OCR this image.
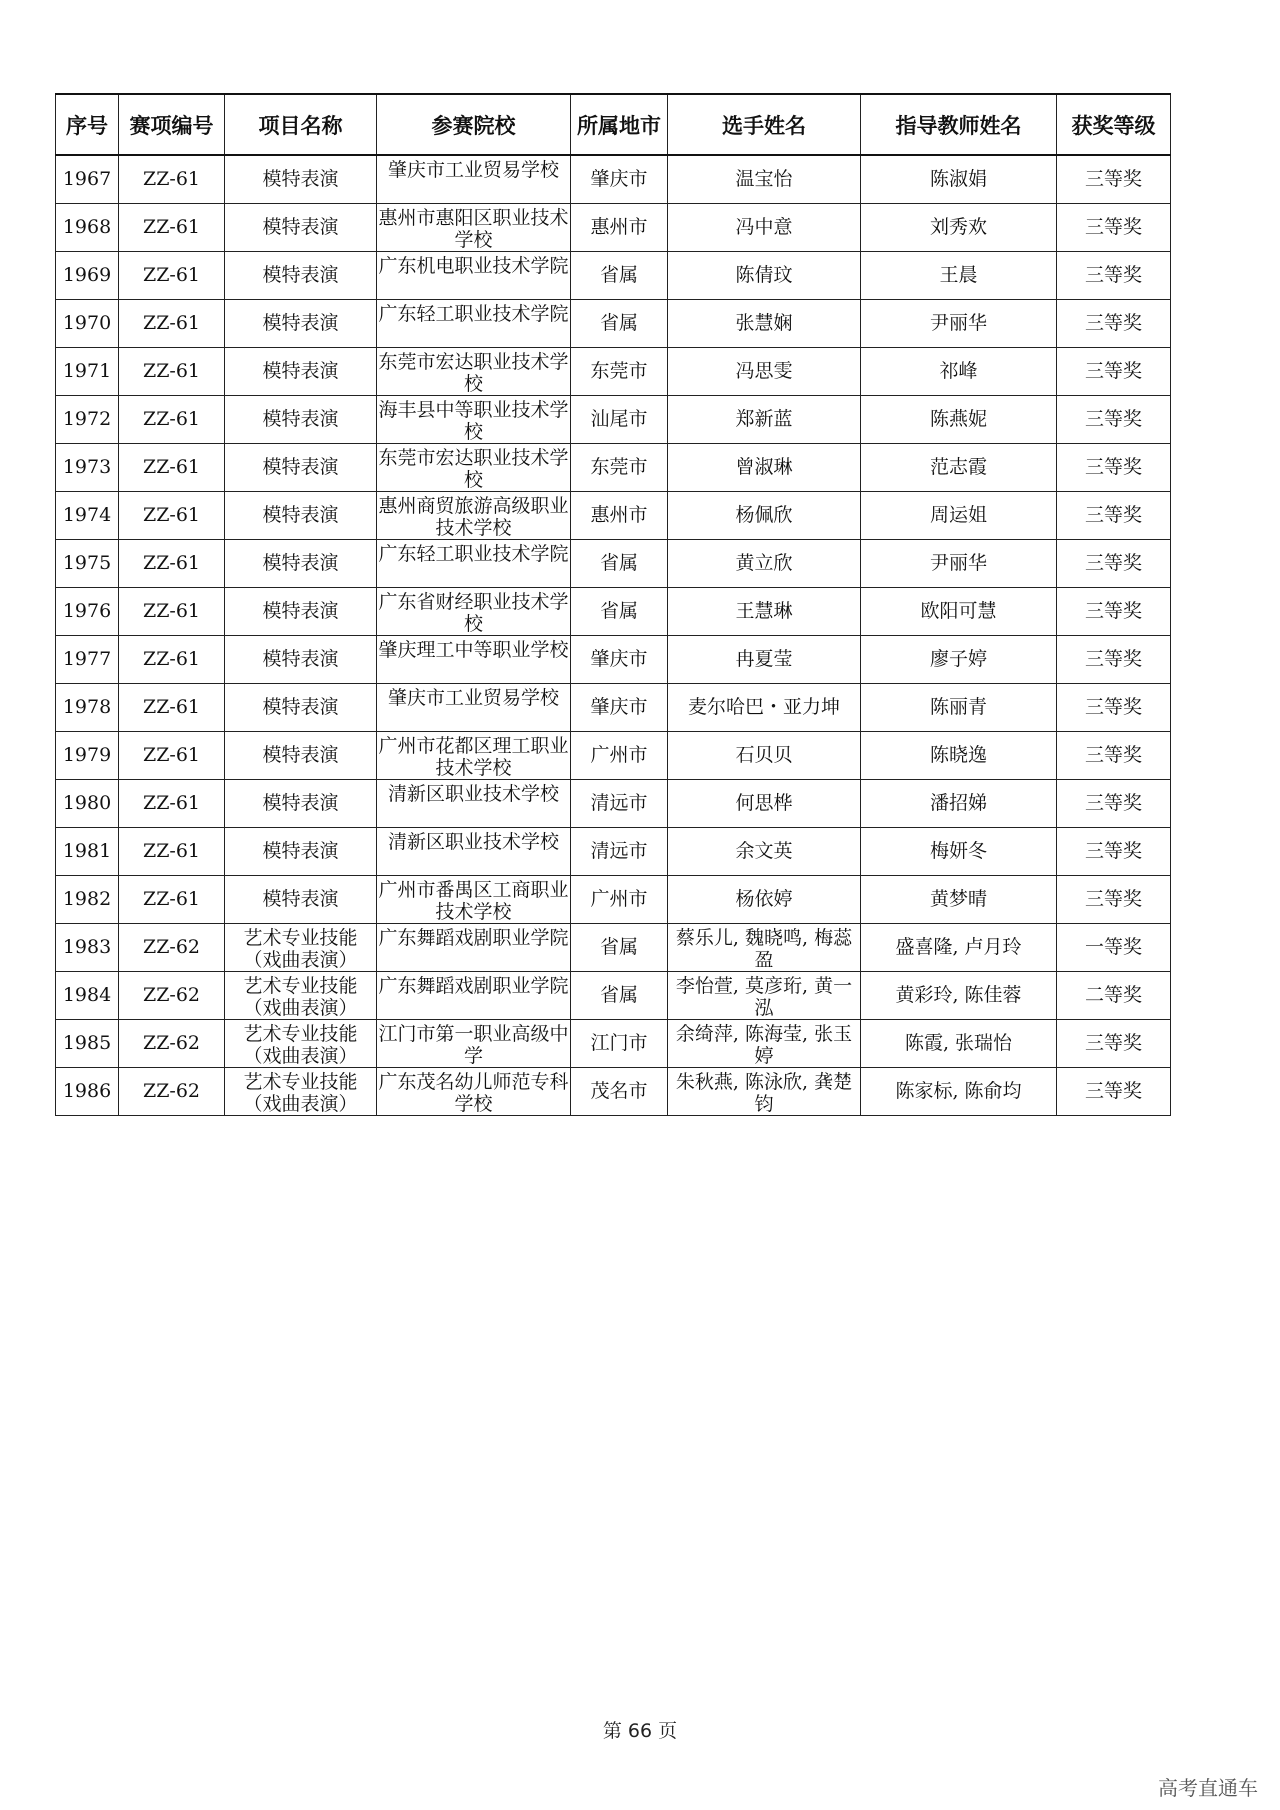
序号	赛项编号	项目名称	参赛院校	所属地市	选手姓名	指导教师姓名	获奖等级
1967	ZZ-61	模特表演	肇庆市工业贸易学校	肇庆市	温宝怡	陈淑娟	三等奖
1968	ZZ-61	模特表演	惠州市惠阳区职业技术学校	惠州市	冯中意	刘秀欢	三等奖
1969	ZZ-61	模特表演	广东机电职业技术学院	省属	陈倩玟	王晨	三等奖
1970	ZZ-61	模特表演	广东轻工职业技术学院	省属	张慧娴	尹丽华	三等奖
1971	ZZ-61	模特表演	东莞市宏达职业技术学校	东莞市	冯思雯	祁峰	三等奖
1972	ZZ-61	模特表演	海丰县中等职业技术学校	汕尾市	郑新蓝	陈燕妮	三等奖
1973	ZZ-61	模特表演	东莞市宏达职业技术学校	东莞市	曾淑琳	范志霞	三等奖
1974	ZZ-61	模特表演	惠州商贸旅游高级职业技术学校	惠州市	杨佩欣	周运姐	三等奖
1975	ZZ-61	模特表演	广东轻工职业技术学院	省属	黄立欣	尹丽华	三等奖
1976	ZZ-61	模特表演	广东省财经职业技术学校	省属	王慧琳	欧阳可慧	三等奖
1977	ZZ-61	模特表演	肇庆理工中等职业学校	肇庆市	冉夏莹	廖子婷	三等奖
1978	ZZ-61	模特表演	肇庆市工业贸易学校	肇庆市	麦尔哈巴・亚力坤	陈丽青	三等奖
1979	ZZ-61	模特表演	广州市花都区理工职业技术学校	广州市	石贝贝	陈晓逸	三等奖
1980	ZZ-61	模特表演	清新区职业技术学校	清远市	何思桦	潘招娣	三等奖
1981	ZZ-61	模特表演	清新区职业技术学校	清远市	余文英	梅妍冬	三等奖
1982	ZZ-61	模特表演	广州市番禺区工商职业技术学校	广州市	杨依婷	黄梦晴	三等奖
1983	ZZ-62	艺术专业技能（戏曲表演）	广东舞蹈戏剧职业学院	省属	蔡乐儿, 魏晓鸣, 梅蕊盈	盛喜隆, 卢月玲	一等奖
1984	ZZ-62	艺术专业技能（戏曲表演）	广东舞蹈戏剧职业学院	省属	李怡萱, 莫彦珩, 黄一泓	黄彩玲, 陈佳蓉	二等奖
1985	ZZ-62	艺术专业技能（戏曲表演）	江门市第一职业高级中学	江门市	余绮萍, 陈海莹, 张玉婷	陈霞, 张瑞怡	三等奖
1986	ZZ-62	艺术专业技能（戏曲表演）	广东茂名幼儿师范专科学校	茂名市	朱秋燕, 陈泳欣, 龚楚钧	陈家标, 陈俞均	三等奖
第 66 页
高考直通车
